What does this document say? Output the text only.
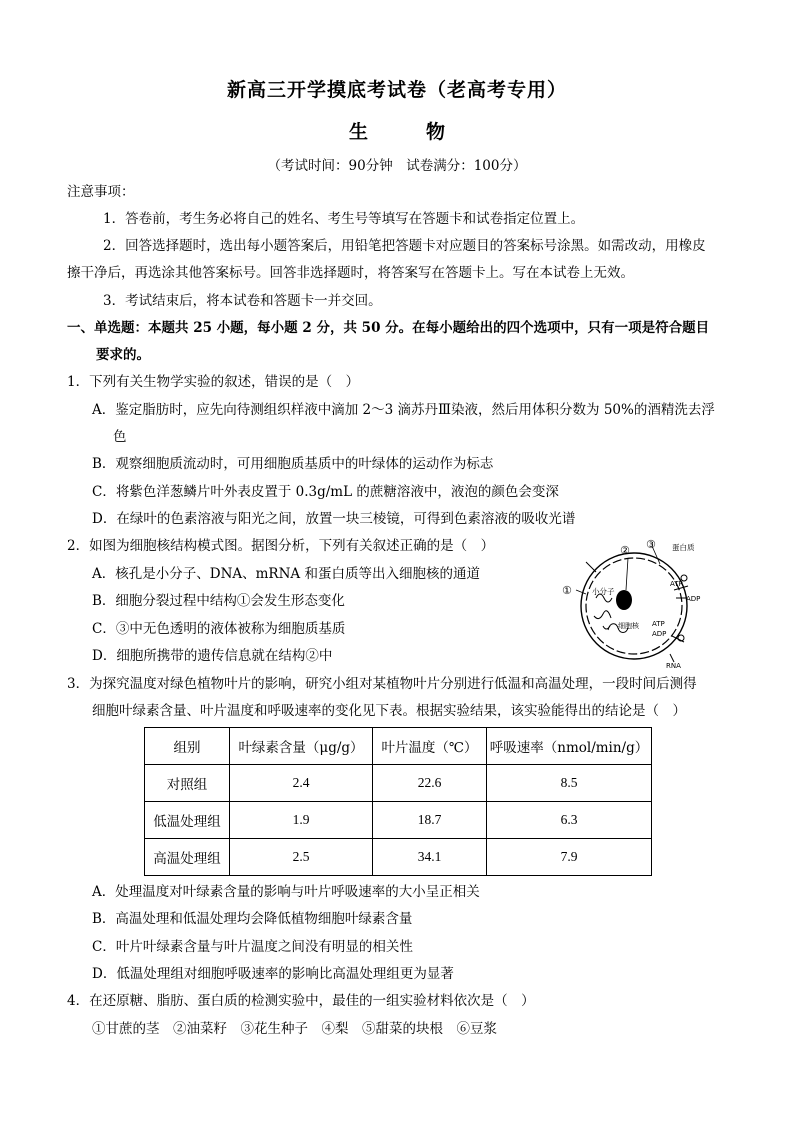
新高三开学摸底考试卷（老高考专用）
生	物
（考试时间：90分钟　试卷满分：100分）
注意事项：
1．答卷前，考生务必将自己的姓名、考生号等填写在答题卡和试卷指定位置上。
2．回答选择题时，选出每小题答案后，用铅笔把答题卡对应题目的答案标号涂黑。如需改动，用橡皮
擦干净后，再选涂其他答案标号。回答非选择题时，将答案写在答题卡上。写在本试卷上无效。
3．考试结束后，将本试卷和答题卡一并交回。
一、单选题：本题共 25 小题，每小题 2 分，共 50 分。在每小题给出的四个选项中，只有一项是符合题目
要求的。
1．下列有关生物学实验的叙述，错误的是（　）
A．鉴定脂肪时，应先向待测组织样液中滴加 2～3 滴苏丹Ⅲ染液，然后用体积分数为 50%的酒精洗去浮
色
B．观察细胞质流动时，可用细胞质基质中的叶绿体的运动作为标志
C．将紫色洋葱鳞片叶外表皮置于 0.3g/mL 的蔗糖溶液中，液泡的颜色会变深
D．在绿叶的色素溶液与阳光之间，放置一块三棱镜，可得到色素溶液的吸收光谱
2．如图为细胞核结构模式图。据图分析，下列有关叙述正确的是（　）
A．核孔是小分子、DNA、mRNA 和蛋白质等出入细胞核的通道
B．细胞分裂过程中结构①会发生形态变化
C．③中无色透明的液体被称为细胞质基质
D．细胞所携带的遗传信息就在结构②中
①
② ③ 蛋白质
ATP
ADP
小分子
细胞核 ATP
ADP
RNA
3．为探究温度对绿色植物叶片的影响，研究小组对某植物叶片分别进行低温和高温处理，一段时间后测得
细胞叶绿素含量、叶片温度和呼吸速率的变化见下表。根据实验结果，该实验能得出的结论是（　）
组别	叶绿素含量（μg/g）	叶片温度（℃）	呼吸速率（nmol/min/g）
对照组	2.4	22.6	8.5
低温处理组	1.9	18.7	6.3
高温处理组	2.5	34.1	7.9
A．处理温度对叶绿素含量的影响与叶片呼吸速率的大小呈正相关
B．高温处理和低温处理均会降低植物细胞叶绿素含量
C．叶片叶绿素含量与叶片温度之间没有明显的相关性
D．低温处理组对细胞呼吸速率的影响比高温处理组更为显著
4．在还原糖、脂肪、蛋白质的检测实验中，最佳的一组实验材料依次是（　）
①甘蔗的茎　②油菜籽　③花生种子　④梨　⑤甜菜的块根　⑥豆浆
